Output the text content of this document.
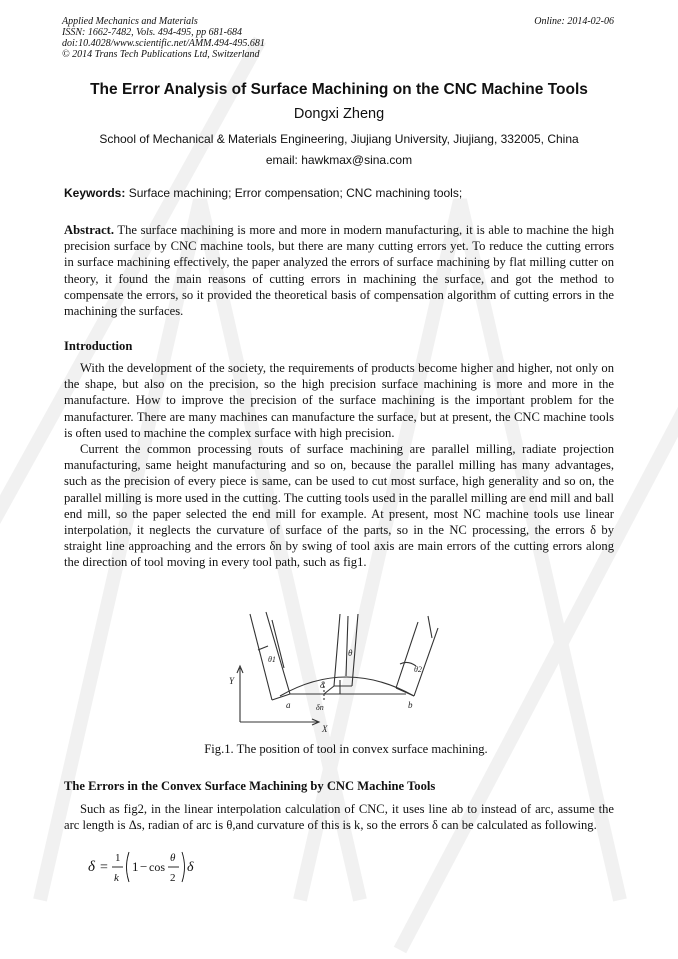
Applied Mechanics and Materials
ISSN: 1662-7482, Vols. 494-495, pp 681-684
doi:10.4028/www.scientific.net/AMM.494-495.681
© 2014 Trans Tech Publications Ltd, Switzerland
Online: 2014-02-06
The Error Analysis of Surface Machining on the CNC Machine Tools
Dongxi Zheng
School of Mechanical & Materials Engineering, Jiujiang University, Jiujiang, 332005, China
email: hawkmax@sina.com
Keywords: Surface machining; Error compensation; CNC machining tools;
Abstract. The surface machining is more and more in modern manufacturing, it is able to machine the high precision surface by CNC machine tools, but there are many cutting errors yet. To reduce the cutting errors in surface machining effectively, the paper analyzed the errors of surface machining by flat milling cutter on theory, it found the main reasons of cutting errors in machining the surface, and got the method to compensate the errors, so it provided the theoretical basis of compensation algorithm of cutting errors in the machining the surfaces.
Introduction
With the development of the society, the requirements of products become higher and higher, not only on the shape, but also on the precision, so the high precision surface machining is more and more in the manufacture. How to improve the precision of the surface machining is the important problem for the manufacturer. There are many machines can manufacture the surface, but at present, the CNC machine tools is often used to machine the complex surface with high precision.
Current the common processing routs of surface machining are parallel milling, radiate projection manufacturing, same height manufacturing and so on, because the parallel milling has many advantages, such as the precision of every piece is same, can be used to cut most surface, high generality and so on, the parallel milling is more used in the cutting. The cutting tools used in the parallel milling are end mill and ball end mill, so the paper selected the end mill for example. At present, most NC machine tools use linear interpolation, it neglects the curvature of surface of the parts, so in the NC processing, the errors δ by straight line approaching and the errors δn by swing of tool axis are main errors of the cutting errors along the direction of tool moving in every tool path, such as fig1.
Y
X
a	b
δ
δn
θ
θ1
θ2
Fig.1. The position of tool in convex surface machining.
The Errors in the Convex Surface Machining by CNC Machine Tools
Such as fig2, in the linear interpolation calculation of CNC, it uses line ab to instead of arc, assume the arc length is Δs, radian of arc is θ,and curvature of this is k, so the errors δ can be calculated as following.
δ =
1
k
1 − cos
θ
2
δ
